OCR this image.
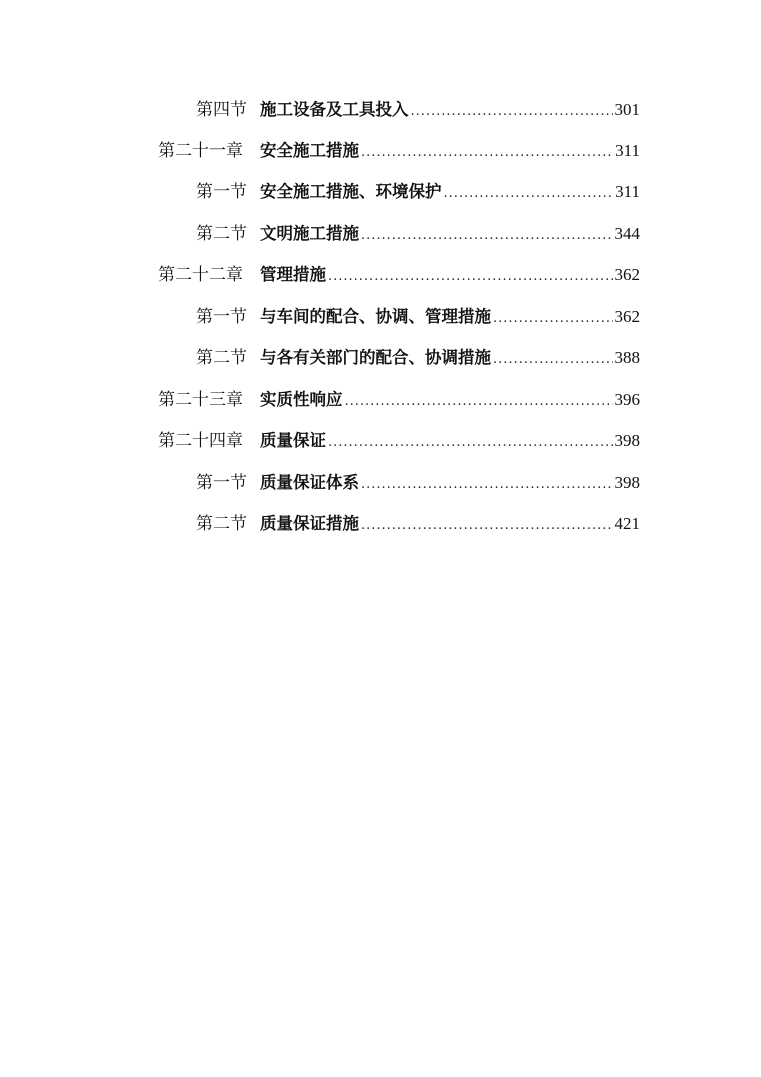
第四节 施工设备及工具投入 .....	301
第二十一章 安全施工措施 .....	311
第一节 安全施工措施、环境保护 .....	311
第二节 文明施工措施 .....	344
第二十二章 管理措施 .....	362
第一节 与车间的配合、协调、管理措施 .....	362
第二节 与各有关部门的配合、协调措施 .....	388
第二十三章 实质性响应 .....	396
第二十四章 质量保证 .....	398
第一节 质量保证体系 .....	398
第二节 质量保证措施 .....	421
